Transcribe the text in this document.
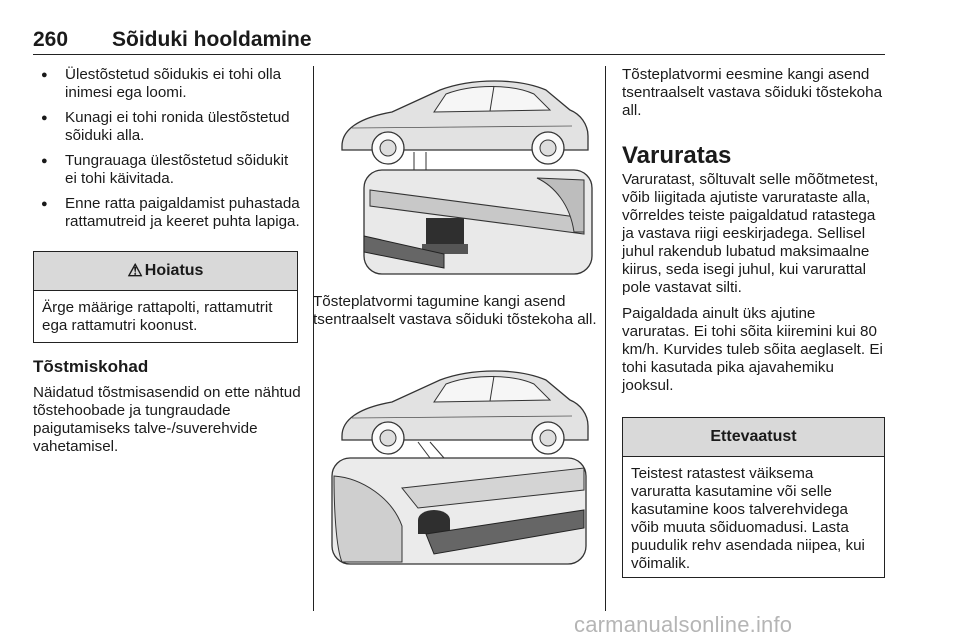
260 Sõiduki hooldamine
● Ülestõstetud sõidukis ei tohi olla inimesi ega loomi.
● Kunagi ei tohi ronida ülestõstetud sõiduki alla.
● Tungrauaga ülestõstetud sõidukit ei tohi käivitada.
● Enne ratta paigaldamist puhastada rattamutreid ja keeret puhta lapiga.
⚠ Hoiatus
Ärge määrige rattapolti, rattamutrit ega rattamutri koonust.
Tõstmiskohad

Näidatud tõstmisasendid on ette nähtud tõstehoobade ja tungraudade paigutamiseks talve-/suverehvide vahetamisel.

Tõsteplatvormi tagumine kangi asend tsentraalselt vastava sõiduki tõstekoha all.

Tõsteplatvormi eesmine kangi asend tsentraalselt vastava sõiduki tõstekoha all.

Varuratas

Varuratast, sõltuvalt selle mõõtmetest, võib liigitada ajutiste varurataste alla, võrreldes teiste paigaldatud ratastega ja vastava riigi eeskirjadega. Sellisel juhul rakendub lubatud maksimaalne kiirus, seda isegi juhul, kui varurattal pole vastavat silti.

Paigaldada ainult üks ajutine varuratas. Ei tohi sõita kiiremini kui 80 km/h. Kurvides tuleb sõita aeglaselt. Ei tohi kasutada pika ajavahemiku jooksul.

Ettevaatust
Teistest ratastest väiksema varuratta kasutamine või selle kasutamine koos talverehvidega võib muuta sõiduomadusi. Lasta puudulik rehv asendada niipea, kui võimalik.
carmanualsonline.info
